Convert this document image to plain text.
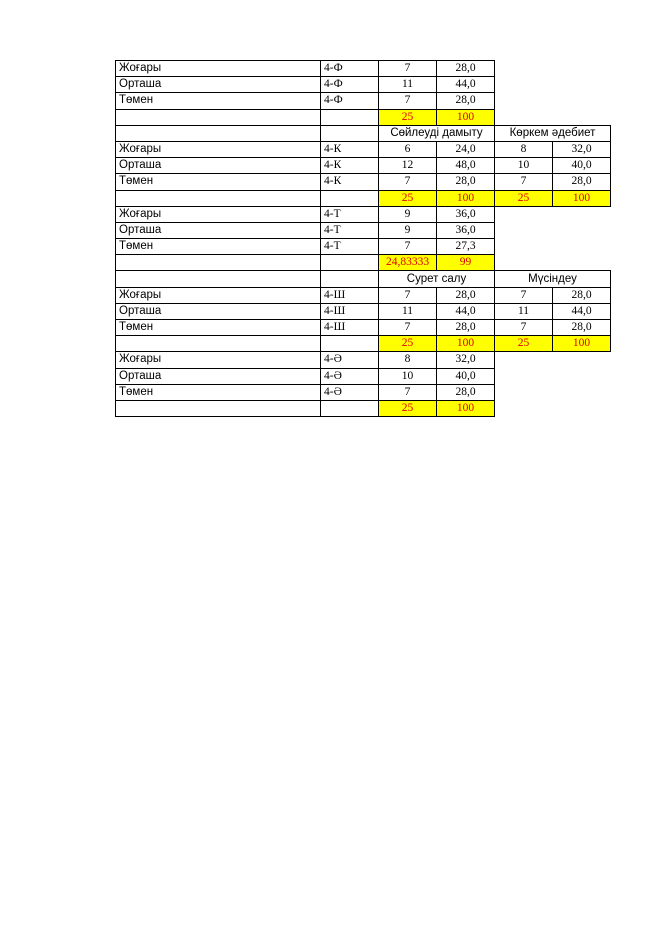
Жоғары	4-Ф	7	28,0		
Орташа	4-Ф	11	44,0		
Төмен	4-Ф	7	28,0		
		25	100		
		Сөйлеуді дамыту		Көркем әдебиет	
Жоғары	4-К	6	24,0	8	32,0
Орташа	4-К	12	48,0	10	40,0
Төмен	4-К	7	28,0	7	28,0
		25	100	25	100
Жоғары	4-Т	9	36,0		
Орташа	4-Т	9	36,0		
Төмен	4-Т	7	27,3		
		24,83333	99		
		Сурет салу		Мүсіндеу	
Жоғары	4-Ш	7	28,0	7	28,0
Орташа	4-Ш	11	44,0	11	44,0
Төмен	4-Ш	7	28,0	7	28,0
		25	100	25	100
Жоғары	4-Ә	8	32,0		
Орташа	4-Ә	10	40,0		
Төмен	4-Ә	7	28,0		
		25	100		
